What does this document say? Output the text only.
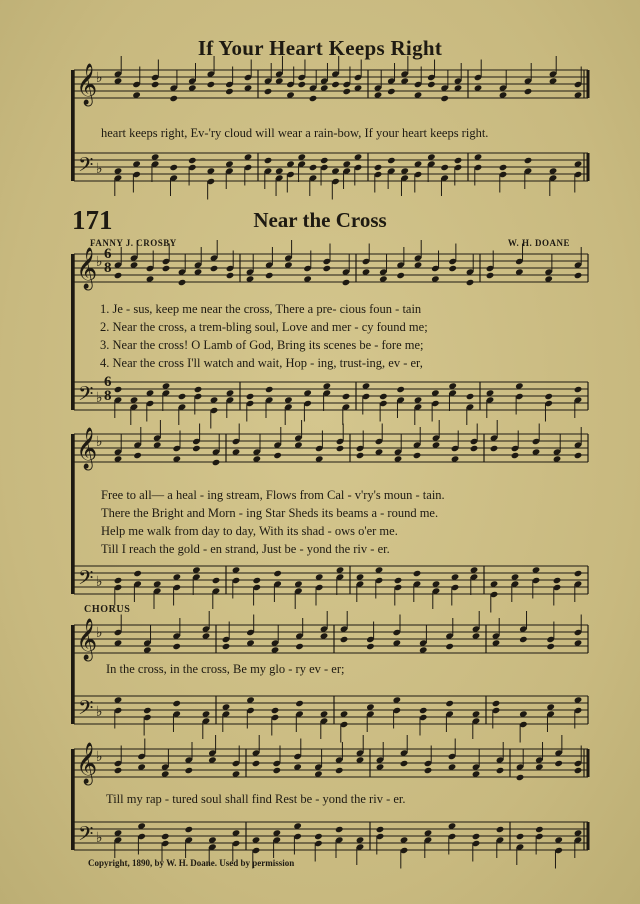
𝄞
𝄢
♭
♭
𝄞
𝄢
♭
♭
𝄞
𝄢
♭
♭
𝄞
𝄢
♭
♭
𝄞
𝄢
♭
♭
6
8
6
8
If Your Heart Keeps Right
heart keeps right, Ev-'ry cloud will wear a rain-bow, If your heart keeps right.
171	Near the Cross
FANNY J. CROSBY	W. H. DOANE
1. Je - sus, keep me near the cross, There a pre- cious foun - tain
2. Near the cross, a trem-bling soul, Love and mer - cy found me;
3. Near the cross! O Lamb of God, Bring its scenes be - fore me;
4. Near the cross I'll watch and wait, Hop - ing, trust-ing, ev - er,
Free to all— a heal - ing stream, Flows from Cal - v'ry's moun - tain.
There the Bright and Morn - ing Star Sheds its beams a - round me.
Help me walk from day to day, With its shad - ows o'er me.
Till I reach the gold - en strand, Just be - yond the riv - er.
CHORUS
In the cross, in the cross, Be my glo - ry ev - er;
Till my rap - tured soul shall find Rest be - yond the riv - er.
Copyright, 1890, by W. H. Doane. Used by permission
